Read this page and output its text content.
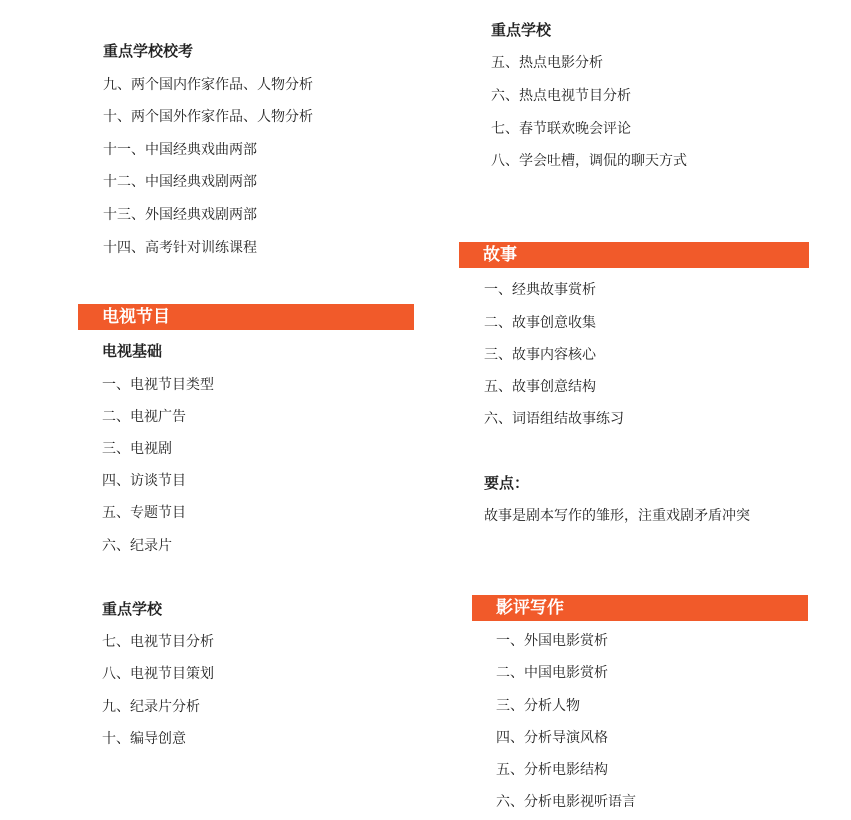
重点学校校考
九、两个国内作家作品、人物分析
十、两个国外作家作品、人物分析
十一、中国经典戏曲两部
十二、中国经典戏剧两部
十三、外国经典戏剧两部
十四、高考针对训练课程
电视节目
电视基础
一、电视节目类型
二、电视广告
三、电视剧
四、访谈节目
五、专题节目
六、纪录片
重点学校
七、电视节目分析
八、电视节目策划
九、纪录片分析
十、编导创意
重点学校
五、热点电影分析
六、热点电视节目分析
七、春节联欢晚会评论
八、学会吐槽，调侃的聊天方式
故事
一、经典故事赏析
二、故事创意收集
三、故事内容核心
五、故事创意结构
六、词语组结故事练习
要点：
故事是剧本写作的雏形，注重戏剧矛盾冲突
影评写作
一、外国电影赏析
二、中国电影赏析
三、分析人物
四、分析导演风格
五、分析电影结构
六、分析电影视听语言
